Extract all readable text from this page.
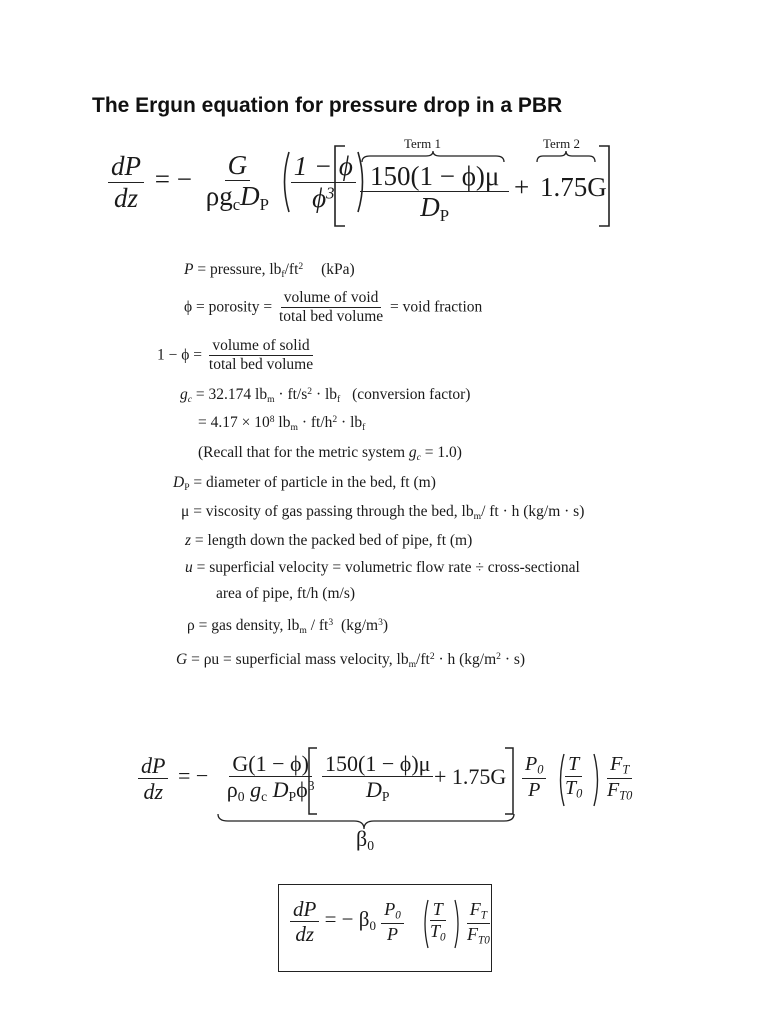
The Ergun equation for pressure drop in a PBR
$\frac{dP}{dz}$ = − $\frac{G}{\rho g_cD_P}$
$\frac{1 - \phi}{\phi^3}$
Term 1	Term 2
$\frac{150(1 - \phi)\mu}{D_P} + 1.75G$
P = pressure, $lb_f/ft^2$ (kPa)
ϕ = porosity = $\frac{\text{volume of void}}{\text{total bed volume}}$ = void fraction
$1 - \phi = \frac{\text{volume of solid}}{\text{total bed volume}}$
$g_c = 32.174$ $lb_m \cdot ft/s^2 \cdot lb_f$ (conversion factor)
= $4.17 \times 10^8$ $lb_m \cdot ft/h^2 \cdot lb_f$
(Recall that for the metric system $g_c = 1.0$)
$D_P$ = diameter of particle in the bed, ft (m)
μ = viscosity of gas passing through the bed, $lb_m/$ ft · h (kg/m · s)
z = length down the packed bed of pipe, ft (m)
u = superficial velocity = volumetric flow rate ÷ cross-sectional
area of pipe, ft/h (m/s)
ρ = gas density, $lb_m / ft^3$ $(kg/m^3)$
G = ρu = superficial mass velocity, $lb_m/ft^2 \cdot h$ $(kg/m^2 \cdot s)$
$\frac{dP}{dz}$ = − $\frac{G(1 - \phi)}{\rho_0 g_c D_P\phi^3} \frac{150(1 - \phi)\mu}{D_P} + 1.75G \frac{P_0}{P} \frac{T}{T_0} \frac{F_T}{F_{T0}}$
$\beta_0$
$\frac{dP}{dz}$ = − $\beta_0 \frac{P_0}{P} \frac{T}{T_0} \frac{F_T}{F_{T0}}$
